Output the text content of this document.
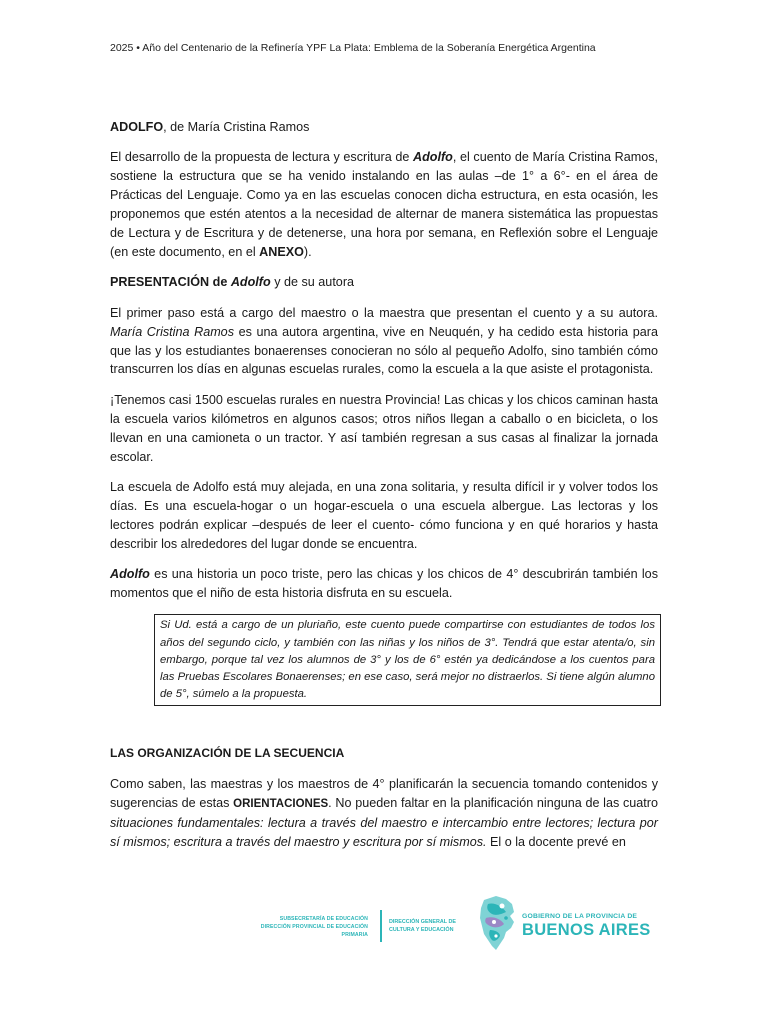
2025 • Año del Centenario de la Refinería YPF La Plata: Emblema de la Soberanía Energética Argentina

ADOLFO, de María Cristina Ramos

El desarrollo de la propuesta de lectura y escritura de Adolfo, el cuento de María Cristina Ramos, sostiene la estructura que se ha venido instalando en las aulas –de 1° a 6°- en el área de Prácticas del Lenguaje. Como ya en las escuelas conocen dicha estructura, en esta ocasión, les proponemos que estén atentos a la necesidad de alternar de manera sistemática las propuestas de Lectura y de Escritura y de detenerse, una hora por semana, en Reflexión sobre el Lenguaje (en este documento, en el ANEXO).

PRESENTACIÓN de Adolfo y de su autora

El primer paso está a cargo del maestro o la maestra que presentan el cuento y a su autora. María Cristina Ramos es una autora argentina, vive en Neuquén, y ha cedido esta historia para que las y los estudiantes bonaerenses conocieran no sólo al pequeño Adolfo, sino también cómo transcurren los días en algunas escuelas rurales, como la escuela a la que asiste el protagonista.

¡Tenemos casi 1500 escuelas rurales en nuestra Provincia! Las chicas y los chicos caminan hasta la escuela varios kilómetros en algunos casos; otros niños llegan a caballo o en bicicleta, o los llevan en una camioneta o un tractor. Y así también regresan a sus casas al finalizar la jornada escolar.

La escuela de Adolfo está muy alejada, en una zona solitaria, y resulta difícil ir y volver todos los días. Es una escuela-hogar o un hogar-escuela o una escuela albergue. Las lectoras y los lectores podrán explicar –después de leer el cuento- cómo funciona y en qué horarios y hasta describir los alrededores del lugar donde se encuentra.

Adolfo es una historia un poco triste, pero las chicas y los chicos de 4° descubrirán también los momentos que el niño de esta historia disfruta en su escuela.

Si Ud. está a cargo de un pluriaño, este cuento puede compartirse con estudiantes de todos los años del segundo ciclo, y también con las niñas y los niños de 3°. Tendrá que estar atenta/o, sin embargo, porque tal vez los alumnos de 3° y los de 6° estén ya dedicándose a los cuentos para las Pruebas Escolares Bonaerenses; en ese caso, será mejor no distraerlos. Si tiene algún alumno de 5°, súmelo a la propuesta.

LAS ORGANIZACIÓN DE LA SECUENCIA

Como saben, las maestras y los maestros de 4° planificarán la secuencia tomando contenidos y sugerencias de estas ORIENTACIONES. No pueden faltar en la planificación ninguna de las cuatro situaciones fundamentales: lectura a través del maestro e intercambio entre lectores; lectura por sí mismos; escritura a través del maestro y escritura por sí mismos. El o la docente prevé en

SUBSECRETARÍA DE EDUCACIÓN
DIRECCIÓN PROVINCIAL DE EDUCACIÓN PRIMARIA
DIRECCIÓN GENERAL DE
CULTURA Y EDUCACIÓN
GOBIERNO DE LA PROVINCIA DE
BUENOS AIRES
